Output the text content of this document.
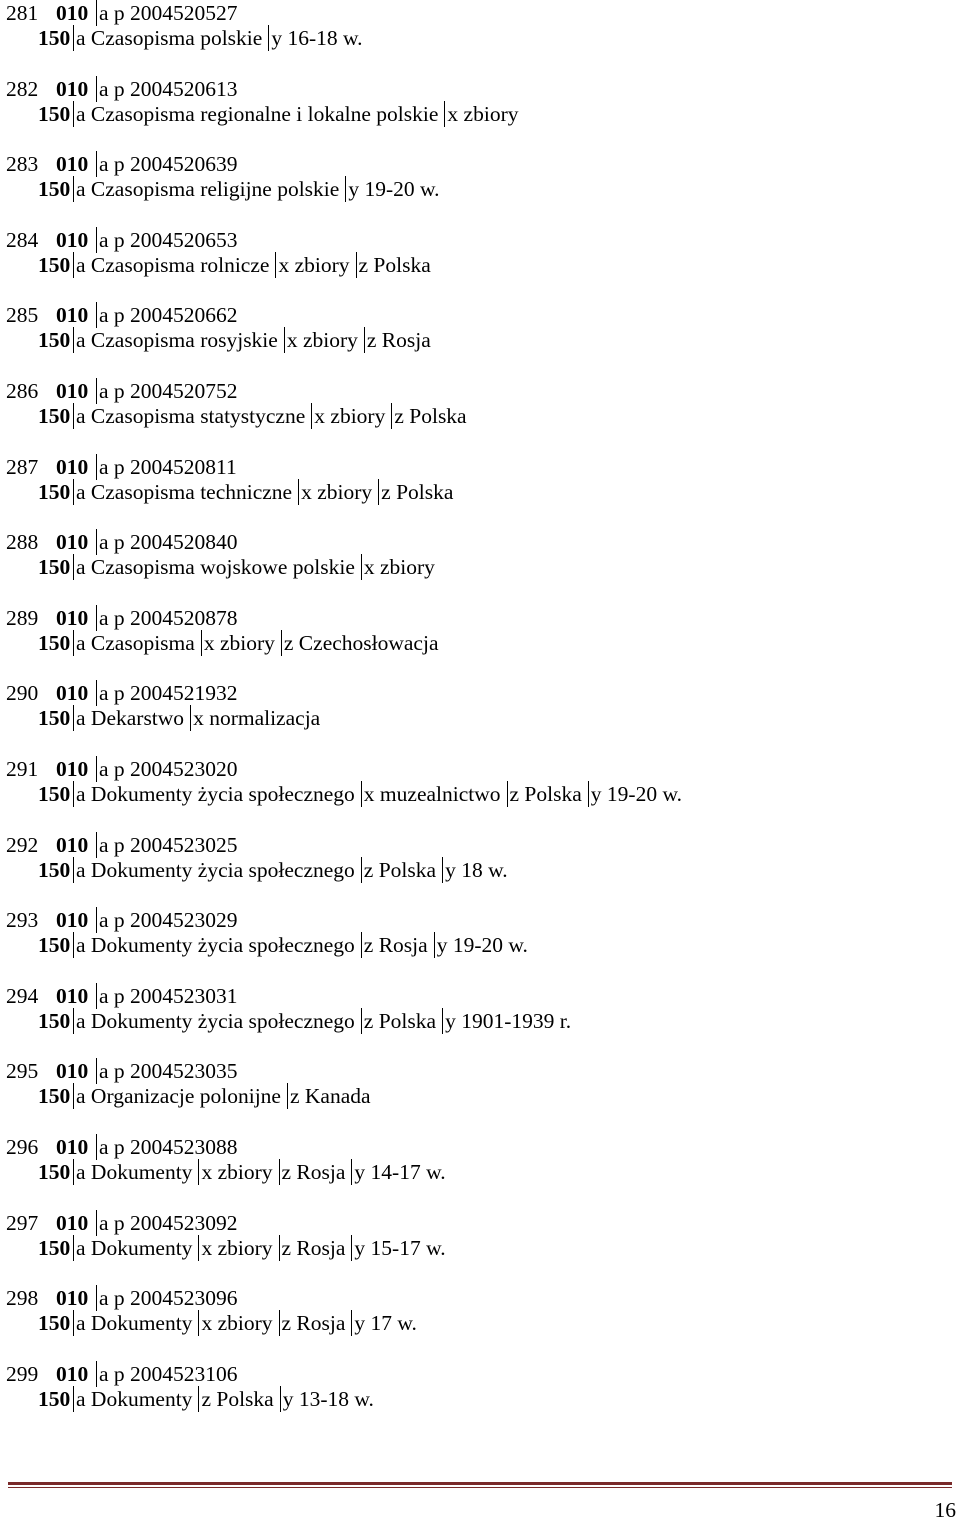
281 010 a p 2004520527
150 a Czasopisma polskie y 16-18 w.
282 010 a p 2004520613
150 a Czasopisma regionalne i lokalne polskie x zbiory
283 010 a p 2004520639
150 a Czasopisma religijne polskie y 19-20 w.
284 010 a p 2004520653
150 a Czasopisma rolnicze x zbiory z Polska
285 010 a p 2004520662
150 a Czasopisma rosyjskie x zbiory z Rosja
286 010 a p 2004520752
150 a Czasopisma statystyczne x zbiory z Polska
287 010 a p 2004520811
150 a Czasopisma techniczne x zbiory z Polska
288 010 a p 2004520840
150 a Czasopisma wojskowe polskie x zbiory
289 010 a p 2004520878
150 a Czasopisma x zbiory z Czechosłowacja
290 010 a p 2004521932
150 a Dekarstwo x normalizacja
291 010 a p 2004523020
150 a Dokumenty życia społecznego x muzealnictwo z Polska y 19-20 w.
292 010 a p 2004523025
150 a Dokumenty życia społecznego z Polska y 18 w.
293 010 a p 2004523029
150 a Dokumenty życia społecznego z Rosja y 19-20 w.
294 010 a p 2004523031
150 a Dokumenty życia społecznego z Polska y 1901-1939 r.
295 010 a p 2004523035
150 a Organizacje polonijne z Kanada
296 010 a p 2004523088
150 a Dokumenty x zbiory z Rosja y 14-17 w.
297 010 a p 2004523092
150 a Dokumenty x zbiory z Rosja y 15-17 w.
298 010 a p 2004523096
150 a Dokumenty x zbiory z Rosja y 17 w.
299 010 a p 2004523106
150 a Dokumenty z Polska y 13-18 w.
16
